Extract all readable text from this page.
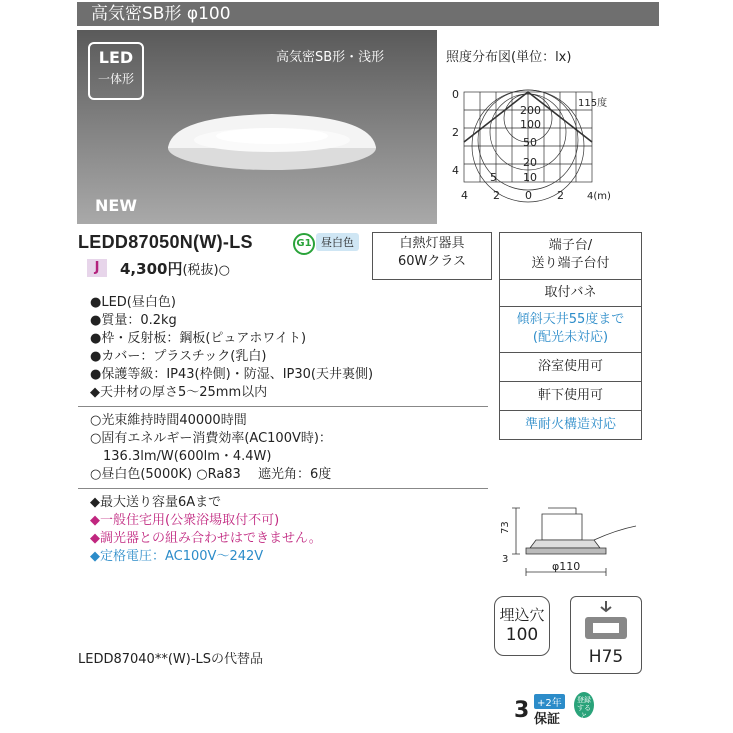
高気密SB形 φ100
LED
一体形
高気密SB形・浅形
NEW
照度分布図(単位：lx)
115度
200
100
50
20
10
5
0
2
4
4 2 0 2 4(m)
LEDD87050N(W)-LS	G1 昼白色
J	4,300円(税抜)○
白熱灯器具
60Wクラス
端子台/
送り端子台付
取付バネ
傾斜天井55度まで
(配光未対応)
浴室使用可
軒下使用可
準耐火構造対応
●LED(昼白色)
●質量：0.2kg
●枠・反射板：鋼板(ピュアホワイト)
●カバー：プラスチック(乳白)
●保護等級：IP43(枠側)・防湿、IP30(天井裏側)
◆天井材の厚さ5～25mm以内
○光束維持時間40000時間
○固有エネルギー消費効率(AC100V時)：
　136.3lm/W(600lm・4.4W)
○昼白色(5000K) ○Ra83　 遮光角：6度
◆最大送り容量6Aまで
◆一般住宅用(公衆浴場取付不可)
◆調光器との組み合わせはできません。
◆定格電圧：AC100V～242V
73
3
φ110
埋込穴
100
H75
LEDD87040**(W)-LSの代替品
3 +2年
保証
登録すると
